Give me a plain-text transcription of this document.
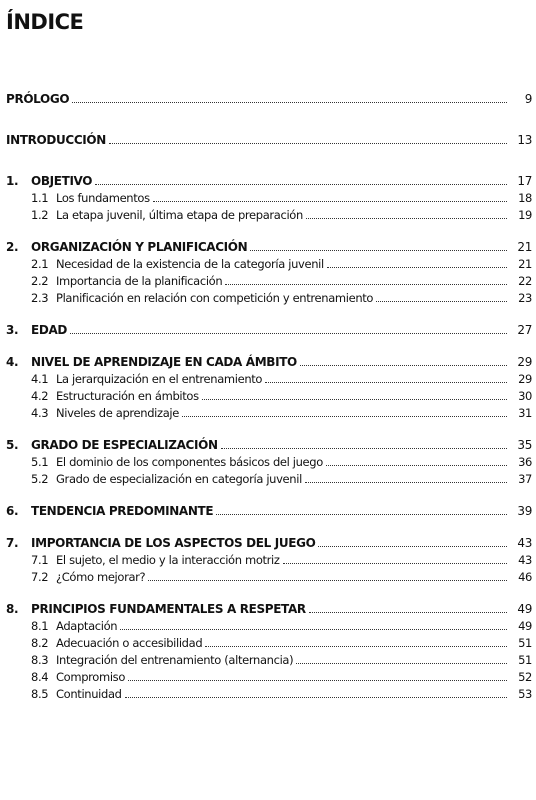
ÍNDICE
PRÓLOGO	9
INTRODUCCIÓN	13
1.	OBJETIVO	17
1.1 Los fundamentos	18
1.2 La etapa juvenil, última etapa de preparación	19
2.	ORGANIZACIÓN Y PLANIFICACIÓN	21
2.1 Necesidad de la existencia de la categoría juvenil	21
2.2 Importancia de la planificación	22
2.3 Planificación en relación con competición y entrenamiento	23
3.	EDAD	27
4.	NIVEL DE APRENDIZAJE EN CADA ÁMBITO	29
4.1 La jerarquización en el entrenamiento	29
4.2 Estructuración en ámbitos	30
4.3 Niveles de aprendizaje	31
5.	GRADO DE ESPECIALIZACIÓN	35
5.1 El dominio de los componentes básicos del juego	36
5.2 Grado de especialización en categoría juvenil	37
6.	TENDENCIA PREDOMINANTE	39
7.	IMPORTANCIA DE LOS ASPECTOS DEL JUEGO	43
7.1 El sujeto, el medio y la interacción motriz	43
7.2 ¿Cómo mejorar?	46
8.	PRINCIPIOS FUNDAMENTALES A RESPETAR	49
8.1 Adaptación	49
8.2 Adecuación o accesibilidad	51
8.3 Integración del entrenamiento (alternancia)	51
8.4 Compromiso	52
8.5 Continuidad	53
